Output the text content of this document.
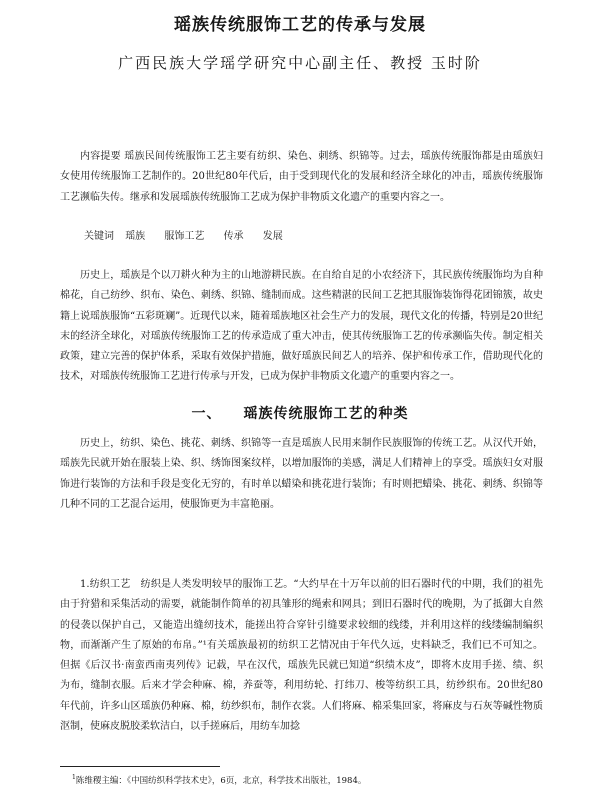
瑶族传统服饰工艺的传承与发展
广西民族大学瑶学研究中心副主任、教授 玉时阶

内容提要 瑶族民间传统服饰工艺主要有纺织、染色、刺绣、织锦等。过去，瑶族传统服饰都是由瑶族妇女使用传统服饰工艺制作的。20世纪80年代后，由于受到现代化的发展和经济全球化的冲击，瑶族传统服饰工艺濒临失传。继承和发展瑶族传统服饰工艺成为保护非物质文化遗产的重要内容之一。

关键词 瑶族 服饰工艺 传承 发展

历史上，瑶族是个以刀耕火种为主的山地游耕民族。在自给自足的小农经济下，其民族传统服饰均为自种棉花，自己纺纱、织布、染色、刺绣、织锦、缝制而成。这些精湛的民间工艺把其服饰装饰得花团锦簇，故史籍上说瑶族服饰“五彩斑斓”。近现代以来，随着瑶族地区社会生产力的发展，现代文化的传播，特别是20世纪末的经济全球化，对瑶族传统服饰工艺的传承造成了重大冲击，使其传统服饰工艺的传承濒临失传。制定相关政策，建立完善的保护体系，采取有效保护措施，做好瑶族民间艺人的培养、保护和传承工作，借助现代化的技术，对瑶族传统服饰工艺进行传承与开发，已成为保护非物质文化遗产的重要内容之一。

一、 瑶族传统服饰工艺的种类

历史上，纺织、染色、挑花、刺绣、织锦等一直是瑶族人民用来制作民族服饰的传统工艺。从汉代开始，瑶族先民就开始在服装上染、织、绣饰图案纹样，以增加服饰的美感，满足人们精神上的享受。瑶族妇女对服饰进行装饰的方法和手段是变化无穷的，有时单以蜡染和挑花进行装饰；有时则把蜡染、挑花、刺绣、织锦等几种不同的工艺混合运用，使服饰更为丰富艳丽。

1.纺织工艺　纺织是人类发明较早的服饰工艺。“大约早在十万年以前的旧石器时代的中期，我们的祖先由于狩猎和采集活动的需要，就能制作简单的初具雏形的绳索和网具；到旧石器时代的晚期，为了抵御大自然的侵袭以保护自己，又能造出缝纫技术，能搓出符合穿针引缝要求较细的线缕，并利用这样的线缕编制编织物，而渐渐产生了原始的布帛。”¹有关瑶族最初的纺织工艺情况由于年代久远，史料缺乏，我们已不可知之。但据《后汉书·南蛮西南夷列传》记载，早在汉代，瑶族先民就已知道“织绩木皮”，即将木皮用手搓、绩、织为布，缝制衣服。后来才学会种麻、棉，养蚕等，利用纺轮、打纬刀、梭等纺织工具，纺纱织布。20世纪80年代前，许多山区瑶族仍种麻、棉，纺纱织布，制作衣裳。人们将麻、棉采集回家，将麻皮与石灰等碱性物质沤制，使麻皮脱胶柔软洁白，以手搓麻后，用纺车加捻

$^1$陈维稷主编：《中国纺织科学技术史》，6页，北京，科学技术出版社，1984。
